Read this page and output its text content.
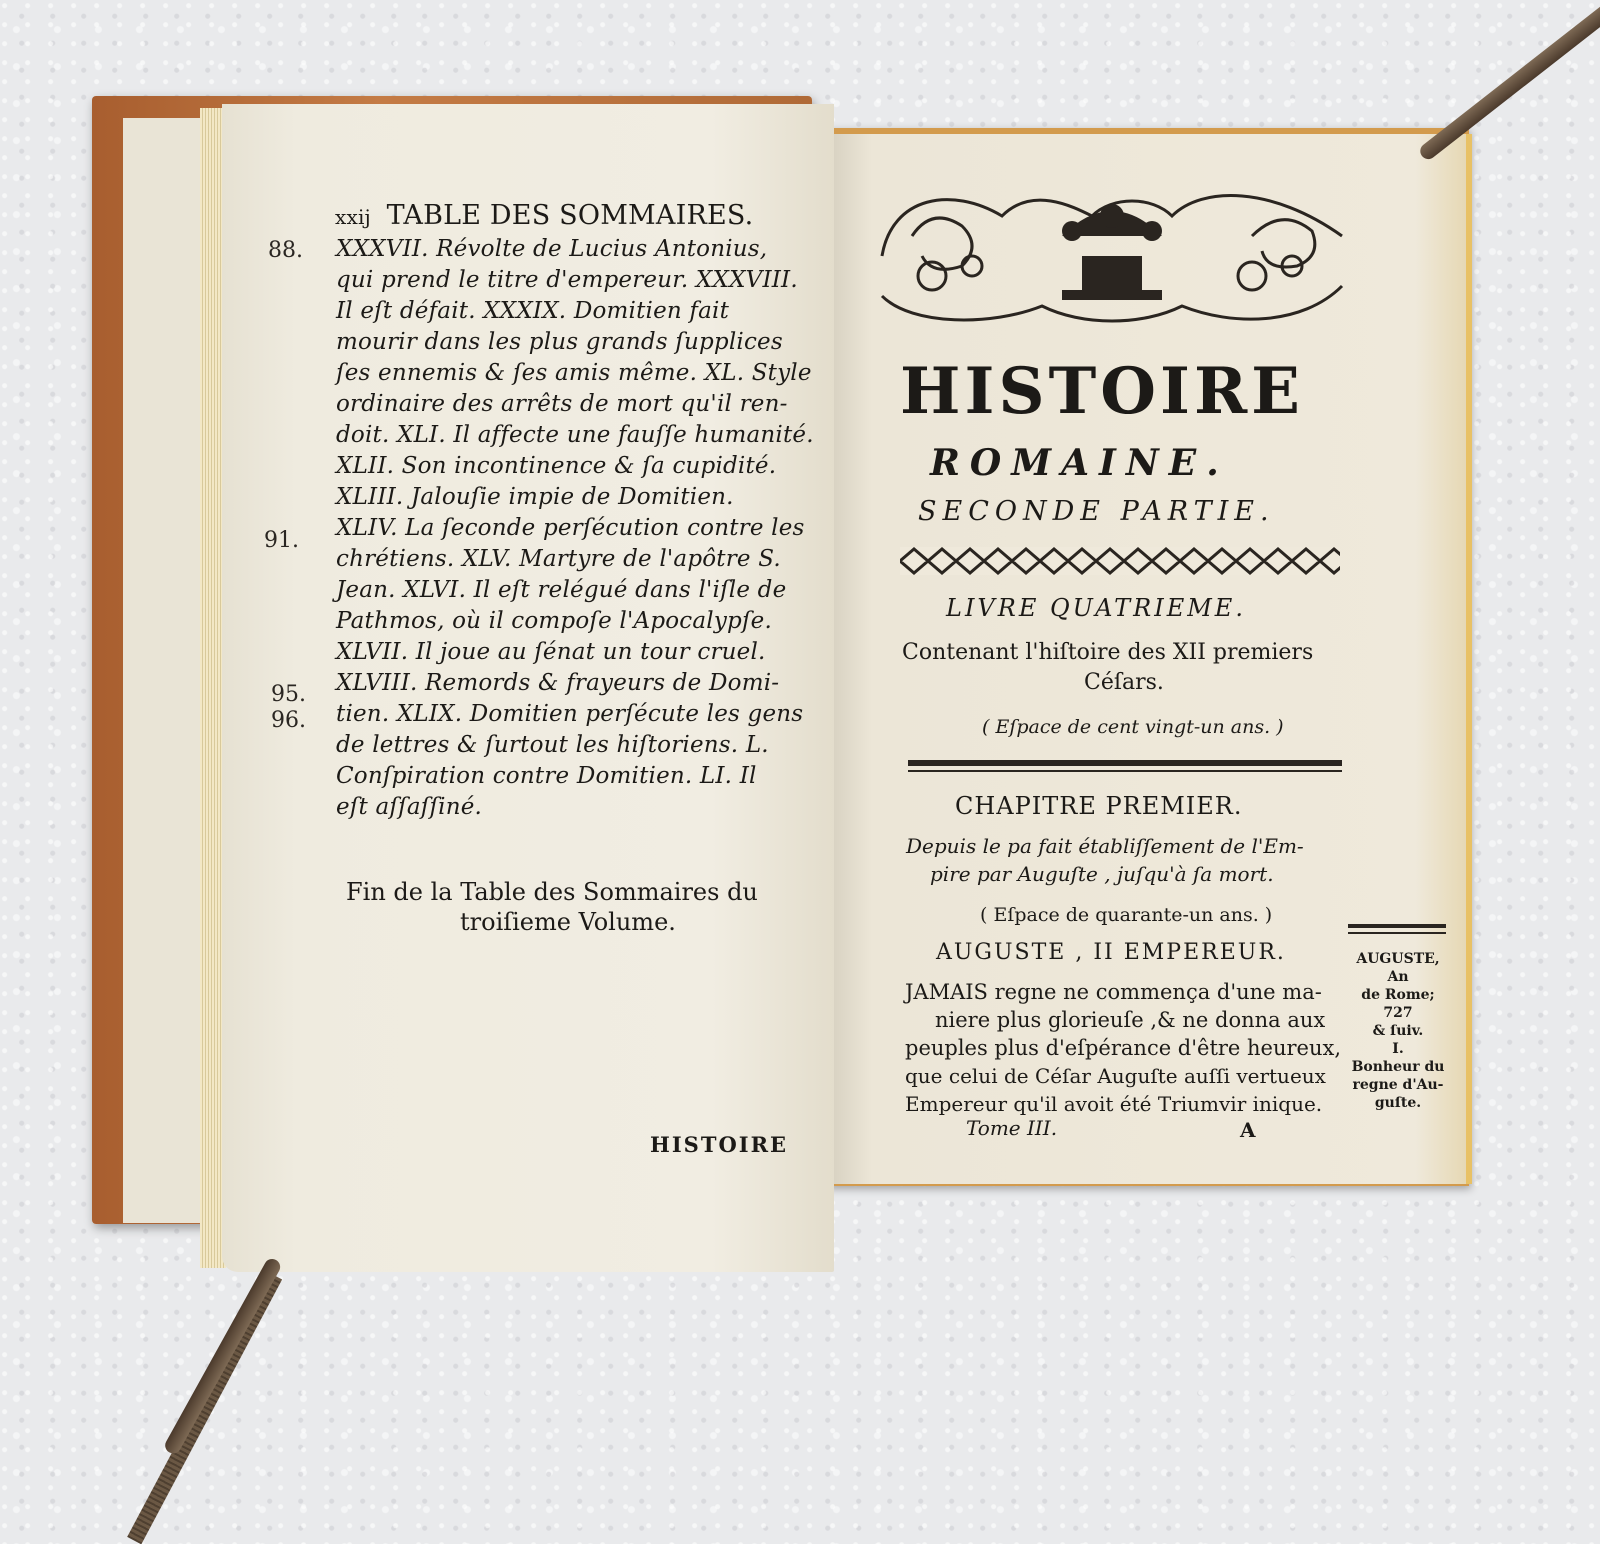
xxij TABLE DES SOMMAIRES.
88.
91.
95.
96.
XXXVII. Révolte de Lucius Antonius,
qui prend le titre d'empereur. XXXVIII.
Il eſt défait. XXXIX. Domitien fait
mourir dans les plus grands ſupplices
ſes ennemis & ſes amis même. XL. Style
ordinaire des arrêts de mort qu'il ren-
doit. XLI. Il affecte une fauſſe humanité.
XLII. Son incontinence & ſa cupidité.
XLIII. Jalouſie impie de Domitien.
XLIV. La ſeconde perſécution contre les
chrétiens. XLV. Martyre de l'apôtre S.
Jean. XLVI. Il eſt relégué dans l'iſle de
Pathmos, où il compoſe l'Apocalypſe.
XLVII. Il joue au ſénat un tour cruel.
XLVIII. Remords & frayeurs de Domi-
tien. XLIX. Domitien perſécute les gens
de lettres & ſurtout les hiſtoriens. L.
Conſpiration contre Domitien. LI. Il
eſt aſſaſſiné.
Fin de la Table des Sommaires du
troiſieme Volume.
HISTOIRE
HISTOIRE
ROMAINE.
SECONDE PARTIE.
LIVRE QUATRIEME.
Contenant l'hiſtoire des XII premiers
Céſars.
( Eſpace de cent vingt-un ans. )
CHAPITRE PREMIER.
Depuis le pa fait établiſſement de l'Em-
pire par Auguſte , juſqu'à ſa mort.
( Eſpace de quarante-un ans. )
AUGUSTE , II EMPEREUR.
JAMAIS regne ne commença d'une ma-
niere plus glorieuſe ,& ne donna aux
peuples plus d'eſpérance d'être heureux,
que celui de Céſar Auguſte auſſi vertueux
Empereur qu'il avoit été Triumvir inique.
Tome III.	A
AUGUSTE,
An
de Rome;
727
& ſuiv.
I.
Bonheur du
regne d'Au-
guſte.
